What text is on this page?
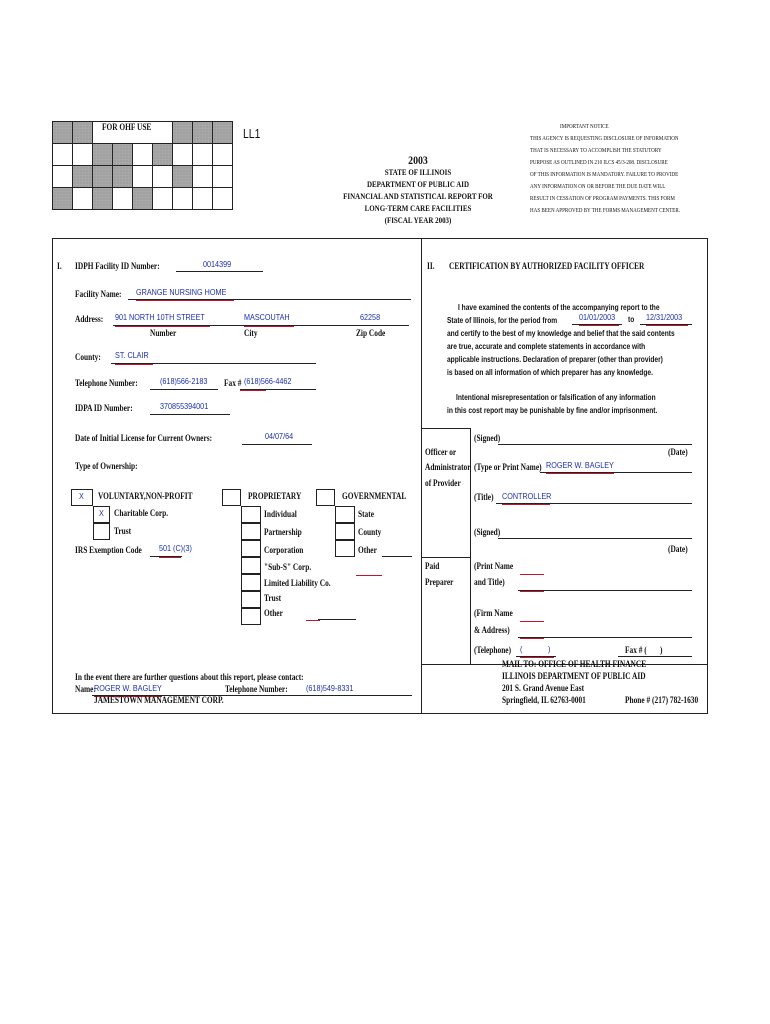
FOR OHF USE	LL1
2003
STATE OF ILLINOIS
DEPARTMENT OF PUBLIC AID
FINANCIAL AND STATISTICAL REPORT FOR
LONG-TERM CARE FACILITIES
(FISCAL YEAR 2003)
IMPORTANT NOTICE
THIS AGENCY IS REQUESTING DISCLOSURE OF INFORMATION
THAT IS NECESSARY TO ACCOMPLISH THE STATUTORY
PURPOSE AS OUTLINED IN 210 ILCS 45/3-208. DISCLOSURE
OF THIS INFORMATION IS MANDATORY. FAILURE TO PROVIDE
ANY INFORMATION ON OR BEFORE THE DUE DATE WILL
RESULT IN CESSATION OF PROGRAM PAYMENTS. THIS FORM
HAS BEEN APPROVED BY THE FORMS MANAGEMENT CENTER.
I. IDPH Facility ID Number:	0014399
Facility Name: GRANGE NURSING HOME
Address: 901 NORTH 10TH STREET	MASCOUTAH	62258
Number	City	Zip Code
County: ST. CLAIR
Telephone Number:	(618)566-2183 Fax # (618)566-4462
IDPA ID Number:	370855394001
Date of Initial License for Current Owners:	04/07/64
Type of Ownership:
X VOLUNTARY,NON-PROFIT
X Charitable Corp.
Trust
IRS Exemption Code 501 (C)(3)
PROPRIETARY
Individual
Partnership
Corporation
"Sub-S" Corp.
Limited Liability Co.
Trust
Other
GOVERNMENTAL
State
County
Other
In the event there are further questions about this report, please contact:
Name:
ROGER W. BAGLEY	Telephone Number: (618)549-8331
JAMESTOWN MANAGEMENT CORP.
II. CERTIFICATION BY AUTHORIZED FACILITY OFFICER
I have examined the contents of the accompanying report to the
State of Illinois, for the period from	01/01/2003 to 12/31/2003
and certify to the best of my knowledge and belief that the said contents
are true, accurate and complete statements in accordance with
applicable instructions. Declaration of preparer (other than provider)
is based on all information of which preparer has any knowledge.
Intentional misrepresentation or falsification of any information
in this cost report may be punishable by fine and/or imprisonment.
Officer or
Administrator
of Provider
(Signed)
(Date)
(Type or Print Name) ROGER W. BAGLEY
(Title) CONTROLLER
Paid
Preparer
(Signed)
(Date)
(Print Name
and Title)
(Firm Name
& Address)
(Telephone) (	)	Fax # ( )
MAIL TO: OFFICE OF HEALTH FINANCE
ILLINOIS DEPARTMENT OF PUBLIC AID
201 S. Grand Avenue East
Springfield, IL 62763-0001	Phone # (217) 782-1630
